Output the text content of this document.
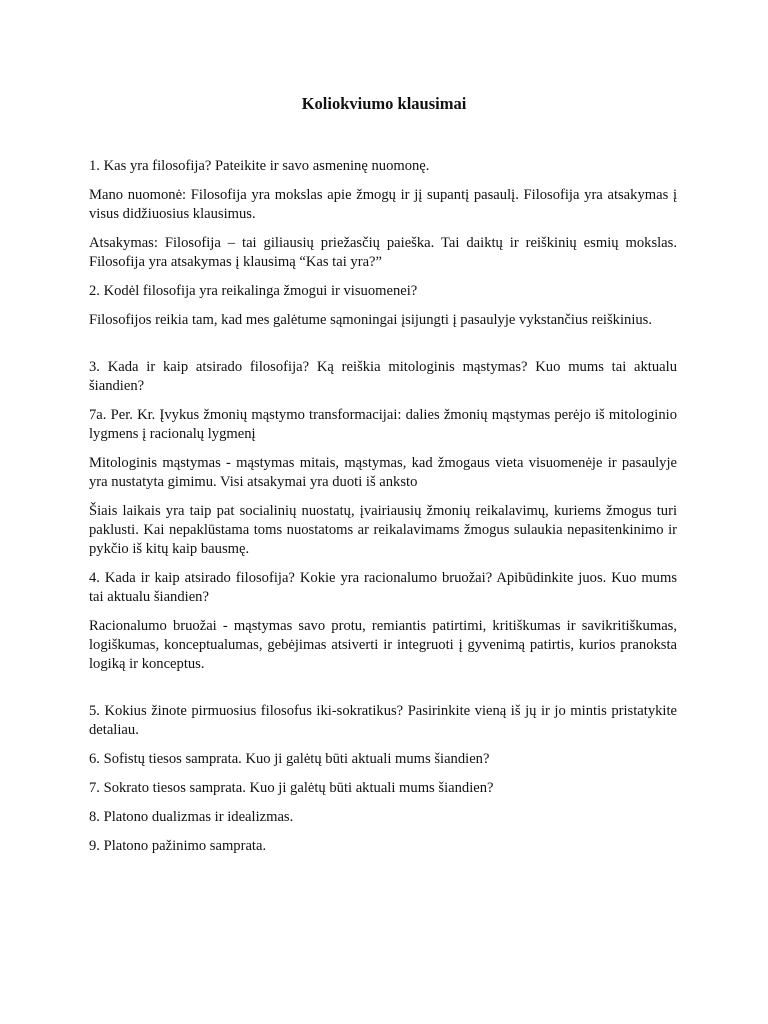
Koliokviumo klausimai

1. Kas yra filosofija? Pateikite ir savo asmeninę nuomonę.

Mano nuomonė: Filosofija yra mokslas apie žmogų ir jį supantį pasaulį. Filosofija yra atsakymas į visus didžiuosius klausimus.

Atsakymas: Filosofija – tai giliausių priežasčių paieška. Tai daiktų ir reiškinių esmių mokslas. Filosofija yra atsakymas į klausimą “Kas tai yra?”

2. Kodėl filosofija yra reikalinga žmogui ir visuomenei?

Filosofijos reikia tam, kad mes galėtume sąmoningai įsijungti į pasaulyje vykstančius reiškinius.

3. Kada ir kaip atsirado filosofija? Ką reiškia mitologinis mąstymas? Kuo mums tai aktualu šiandien?

7a. Per. Kr. Įvykus žmonių mąstymo transformacijai: dalies žmonių mąstymas perėjo iš mitologinio lygmens į racionalų lygmenį

Mitologinis mąstymas - mąstymas mitais, mąstymas, kad žmogaus vieta visuomenėje ir pasaulyje yra nustatyta gimimu. Visi atsakymai yra duoti iš anksto

Šiais laikais yra taip pat socialinių nuostatų, įvairiausių žmonių reikalavimų, kuriems žmogus turi paklusti. Kai nepaklūstama toms nuostatoms ar reikalavimams žmogus sulaukia nepasitenkinimo ir pykčio iš kitų kaip bausmę.

4. Kada ir kaip atsirado filosofija? Kokie yra racionalumo bruožai? Apibūdinkite juos. Kuo mums tai aktualu šiandien?

Racionalumo bruožai - mąstymas savo protu, remiantis patirtimi, kritiškumas ir savikritiškumas, logiškumas, konceptualumas, gebėjimas atsiverti ir integruoti į gyvenimą patirtis, kurios pranoksta logiką ir konceptus.

5. Kokius žinote pirmuosius filosofus iki-sokratikus? Pasirinkite vieną iš jų ir jo mintis pristatykite detaliau.

6. Sofistų tiesos samprata. Kuo ji galėtų būti aktuali mums šiandien?

7. Sokrato tiesos samprata. Kuo ji galėtų būti aktuali mums šiandien?

8. Platono dualizmas ir idealizmas.

9. Platono pažinimo samprata.
